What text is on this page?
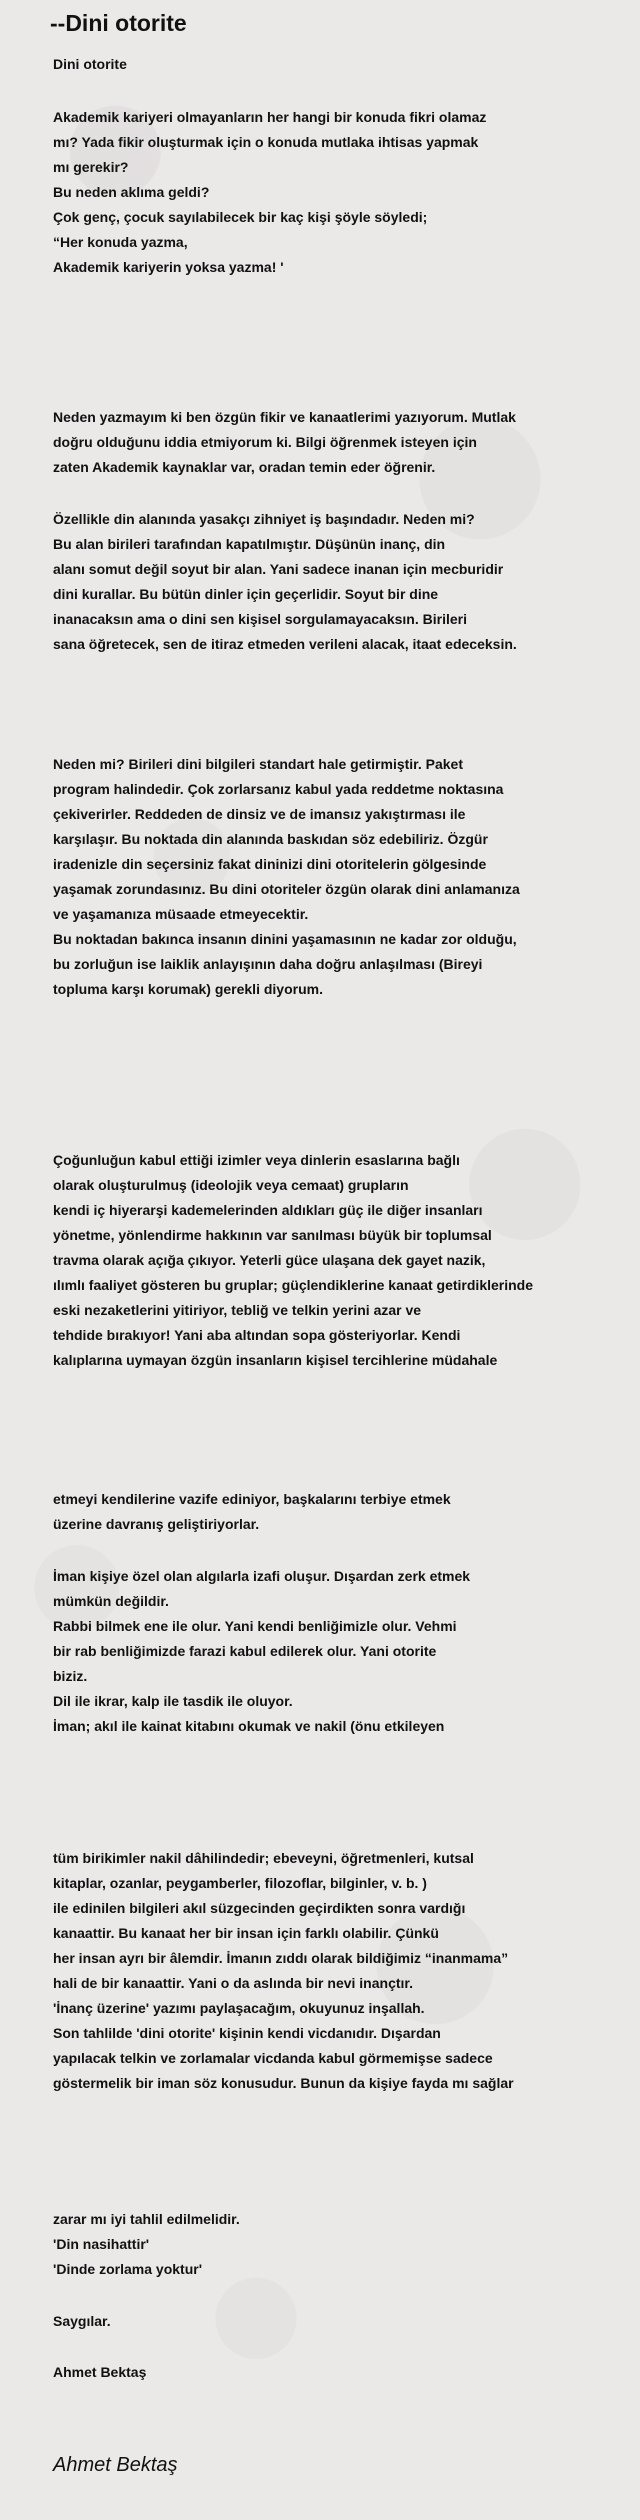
--Dini otorite

Dini otorite

Akademik kariyeri olmayanların her hangi bir konuda fikri olamaz
mı? Yada fikir oluşturmak için o konuda mutlaka ihtisas yapmak
mı gerekir?
Bu neden aklıma geldi?
Çok genç, çocuk sayılabilecek bir kaç kişi şöyle söyledi;
“Her konuda yazma,
Akademik kariyerin yoksa yazma! '

Neden yazmayım ki ben özgün fikir ve kanaatlerimi yazıyorum. Mutlak
doğru olduğunu iddia etmiyorum ki. Bilgi öğrenmek isteyen için
zaten Akademik kaynaklar var, oradan temin eder öğrenir.

Özellikle din alanında yasakçı zihniyet iş başındadır. Neden mi?
Bu alan birileri tarafından kapatılmıştır. Düşünün inanç, din
alanı somut değil soyut bir alan. Yani sadece inanan için mecburidir
dini kurallar. Bu bütün dinler için geçerlidir. Soyut bir dine
inanacaksın ama o dini sen kişisel sorgulamayacaksın. Birileri
sana öğretecek, sen de itiraz etmeden verileni alacak, itaat edeceksin.

Neden mi? Birileri dini bilgileri standart hale getirmiştir. Paket
program halindedir. Çok zorlarsanız kabul yada reddetme noktasına
çekiverirler. Reddeden de dinsiz ve de imansız yakıştırması ile
karşılaşır. Bu noktada din alanında baskıdan söz edebiliriz. Özgür
iradenizle din seçersiniz fakat dininizi dini otoritelerin gölgesinde
yaşamak zorundasınız. Bu dini otoriteler özgün olarak dini anlamanıza
ve yaşamanıza müsaade etmeyecektir.
Bu noktadan bakınca insanın dinini yaşamasının ne kadar zor olduğu,
bu zorluğun ise laiklik anlayışının daha doğru anlaşılması (Bireyi
topluma karşı korumak) gerekli diyorum.

Çoğunluğun kabul ettiği izimler veya dinlerin esaslarına bağlı
olarak oluşturulmuş (ideolojik veya cemaat) grupların
kendi iç hiyerarşi kademelerinden aldıkları güç ile diğer insanları
yönetme, yönlendirme hakkının var sanılması büyük bir toplumsal
travma olarak açığa çıkıyor. Yeterli güce ulaşana dek gayet nazik,
ılımlı faaliyet gösteren bu gruplar; güçlendiklerine kanaat getirdiklerinde
eski nezaketlerini yitiriyor, tebliğ ve telkin yerini azar ve
tehdide bırakıyor! Yani aba altından sopa gösteriyorlar. Kendi
kalıplarına uymayan özgün insanların kişisel tercihlerine müdahale

etmeyi kendilerine vazife ediniyor, başkalarını terbiye etmek
üzerine davranış geliştiriyorlar.

İman kişiye özel olan algılarla izafi oluşur. Dışardan zerk etmek
mümkün değildir.
Rabbi bilmek ene ile olur. Yani kendi benliğimizle olur. Vehmi
bir rab benliğimizde farazi kabul edilerek olur. Yani otorite
biziz.
Dil ile ikrar, kalp ile tasdik ile oluyor.
İman; akıl ile kainat kitabını okumak ve nakil (önu etkileyen

tüm birikimler nakil dâhilindedir; ebeveyni, öğretmenleri, kutsal
kitaplar, ozanlar, peygamberler, filozoflar, bilginler, v. b. )
ile edinilen bilgileri akıl süzgecinden geçirdikten sonra vardığı
kanaattir. Bu kanaat her bir insan için farklı olabilir. Çünkü
her insan ayrı bir âlemdir. İmanın zıddı olarak bildiğimiz “inanmama”
hali de bir kanaattir. Yani o da aslında bir nevi inançtır.
'İnanç üzerine' yazımı paylaşacağım, okuyunuz inşallah.
Son tahlilde 'dini otorite' kişinin kendi vicdanıdır. Dışardan
yapılacak telkin ve zorlamalar vicdanda kabul görmemişse sadece
göstermelik bir iman söz konusudur. Bunun da kişiye fayda mı sağlar

zarar mı iyi tahlil edilmelidir.
'Din nasihattir'
'Dinde zorlama yoktur'

Saygılar.

Ahmet Bektaş

Ahmet Bektaş
